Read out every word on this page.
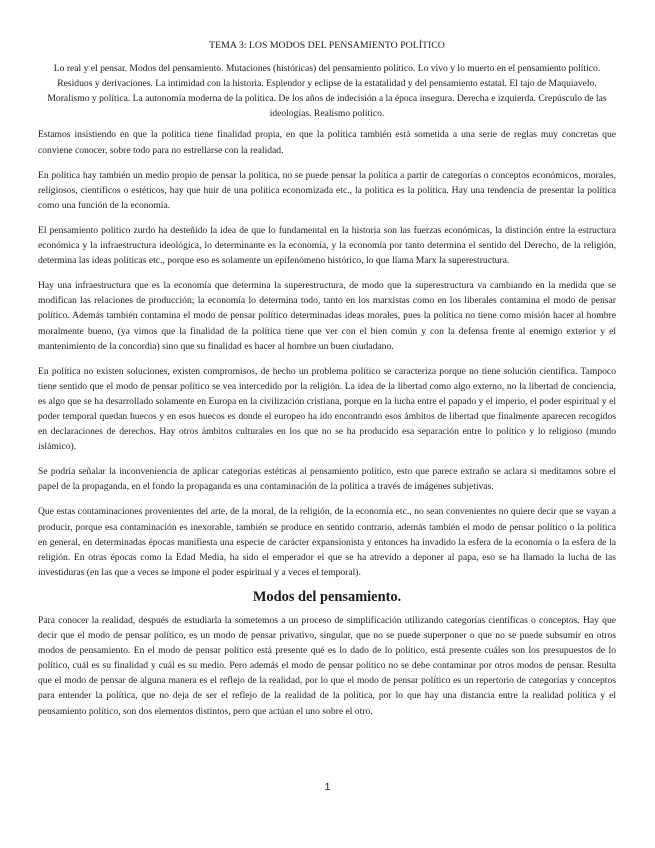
TEMA 3: LOS MODOS DEL PENSAMIENTO POLÍTICO

Lo real y el pensar. Modos del pensamiento. Mutaciones (históricas) del pensamiento político. Lo vivo y lo muerto en el pensamiento político. Residuos y derivaciones. La intimidad con la historia. Esplendor y eclipse de la estatalidad y del pensamiento estatal. El tajo de Maquiavelo. Moralismo y política. La autonomía moderna de la política. De los años de indecisión a la época insegura. Derecha e izquierda. Crepúsculo de las ideologías. Realismo político.

Estamos insistiendo en que la política tiene finalidad propia, en que la política también está sometida a una serie de reglas muy concretas que conviene conocer, sobre todo para no estrellarse con la realidad.

En política hay también un medio propio de pensar la política, no se puede pensar la política a partir de categorías o conceptos económicos, morales, religiosos, científicos o estéticos, hay que huir de una política economizada etc., la política es la política. Hay una tendencia de presentar la política como una función de la economía.

El pensamiento político zurdo ha desteñido la idea de que lo fundamental en la historia son las fuerzas económicas, la distinción entre la estructura económica y la infraestructura ideológica, lo determinante es la economía, y la economía por tanto determina el sentido del Derecho, de la religión, determina las ideas políticas etc., porque eso es solamente un epifenómeno histórico, lo que llama Marx la superestructura.

Hay una infraestructura que es la economía que determina la superestructura, de modo que la superestructura va cambiando en la medida que se modifican las relaciones de producción; la economía lo determina todo, tanto en los marxistas como en los liberales contamina el modo de pensar político. Además también contamina el modo de pensar político determinadas ideas morales, pues la política no tiene como misión hacer al hombre moralmente bueno, (ya vimos que la finalidad de la política tiene que ver con el bien común y con la defensa frente al enemigo exterior y el mantenimiento de la concordia) sino que su finalidad es hacer al hombre un buen ciudadano.

En política no existen soluciones, existen compromisos, de hecho un problema político se caracteriza porque no tiene solución científica. Tampoco tiene sentido que el modo de pensar político se vea intercedido por la religión. La idea de la libertad como algo externo, no la libertad de conciencia, es algo que se ha desarrollado solamente en Europa en la civilización cristiana, porque en la lucha entre el papado y el imperio, el poder espiritual y el poder temporal quedan huecos y en esos huecos es donde el europeo ha ido encontrando esos ámbitos de libertad que finalmente aparecen recogidos en declaraciones de derechos. Hay otros ámbitos culturales en los que no se ha producido esa separación entre lo político y lo religioso (mundo islámico).

Se podría señalar la inconveniencia de aplicar categorías estéticas al pensamiento político, esto que parece extraño se aclara si meditamos sobre el papel de la propaganda, en el fondo la propaganda es una contaminación de la política a través de imágenes subjetivas.

Que estas contaminaciones provenientes del arte, de la moral, de la religión, de la economía etc., no sean convenientes no quiere decir que se vayan a producir, porque esa contaminación es inexorable, también se produce en sentido contrario, además también el modo de pensar político o la política en general, en determinadas épocas manifiesta una especie de carácter expansionista y entonces ha invadido la esfera de la economía o la esfera de la religión. En otras épocas como la Edad Media, ha sido el emperador el que se ha atrevido a deponer al papa, eso se ha llamado la lucha de las investiduras (en las que a veces se impone el poder espiritual y a veces el temporal).

Modos del pensamiento.

Para conocer la realidad, después de estudiarla la sometemos a un proceso de simplificación utilizando categorías científicas o conceptos. Hay que decir que el modo de pensar político, es un modo de pensar privativo, singular, que no se puede superponer o que no se puede subsumir en otros modos de pensamiento. En el modo de pensar político está presente qué es lo dado de lo político, está presente cuáles son los presupuestos de lo político, cuál es su finalidad y cuál es su medio. Pero además el modo de pensar político no se debe contaminar por otros modos de pensar. Resulta que el modo de pensar de alguna manera es el reflejo de la realidad, por lo que el modo de pensar político es un repertorio de categorías y conceptos para entender la política, que no deja de ser el reflejo de la realidad de la política, por lo que hay una distancia entre la realidad política y el pensamiento político, son dos elementos distintos, pero que actúan el uno sobre el otro.

1
